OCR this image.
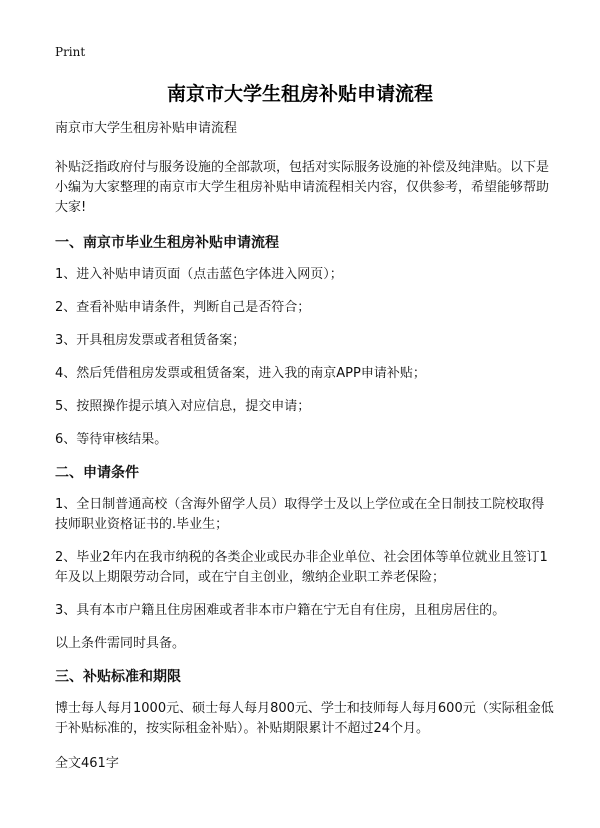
Print
南京市大学生租房补贴申请流程

南京市大学生租房补贴申请流程

补贴泛指政府付与服务设施的全部款项，包括对实际服务设施的补偿及纯津贴。以下是小编为大家整理的南京市大学生租房补贴申请流程相关内容，仅供参考，希望能够帮助大家!

一、南京市毕业生租房补贴申请流程

1、进入补贴申请页面（点击蓝色字体进入网页）；

2、查看补贴申请条件，判断自己是否符合；

3、开具租房发票或者租赁备案；

4、然后凭借租房发票或租赁备案，进入我的南京APP申请补贴；

5、按照操作提示填入对应信息，提交申请；

6、等待审核结果。

二、申请条件

1、全日制普通高校（含海外留学人员）取得学士及以上学位或在全日制技工院校取得技师职业资格证书的.毕业生；

2、毕业2年内在我市纳税的各类企业或民办非企业单位、社会团体等单位就业且签订1年及以上期限劳动合同，或在宁自主创业，缴纳企业职工养老保险；

3、具有本市户籍且住房困难或者非本市户籍在宁无自有住房，且租房居住的。

以上条件需同时具备。

三、补贴标准和期限

博士每人每月1000元、硕士每人每月800元、学士和技师每人每月600元（实际租金低于补贴标准的，按实际租金补贴）。补贴期限累计不超过24个月。

全文461字
